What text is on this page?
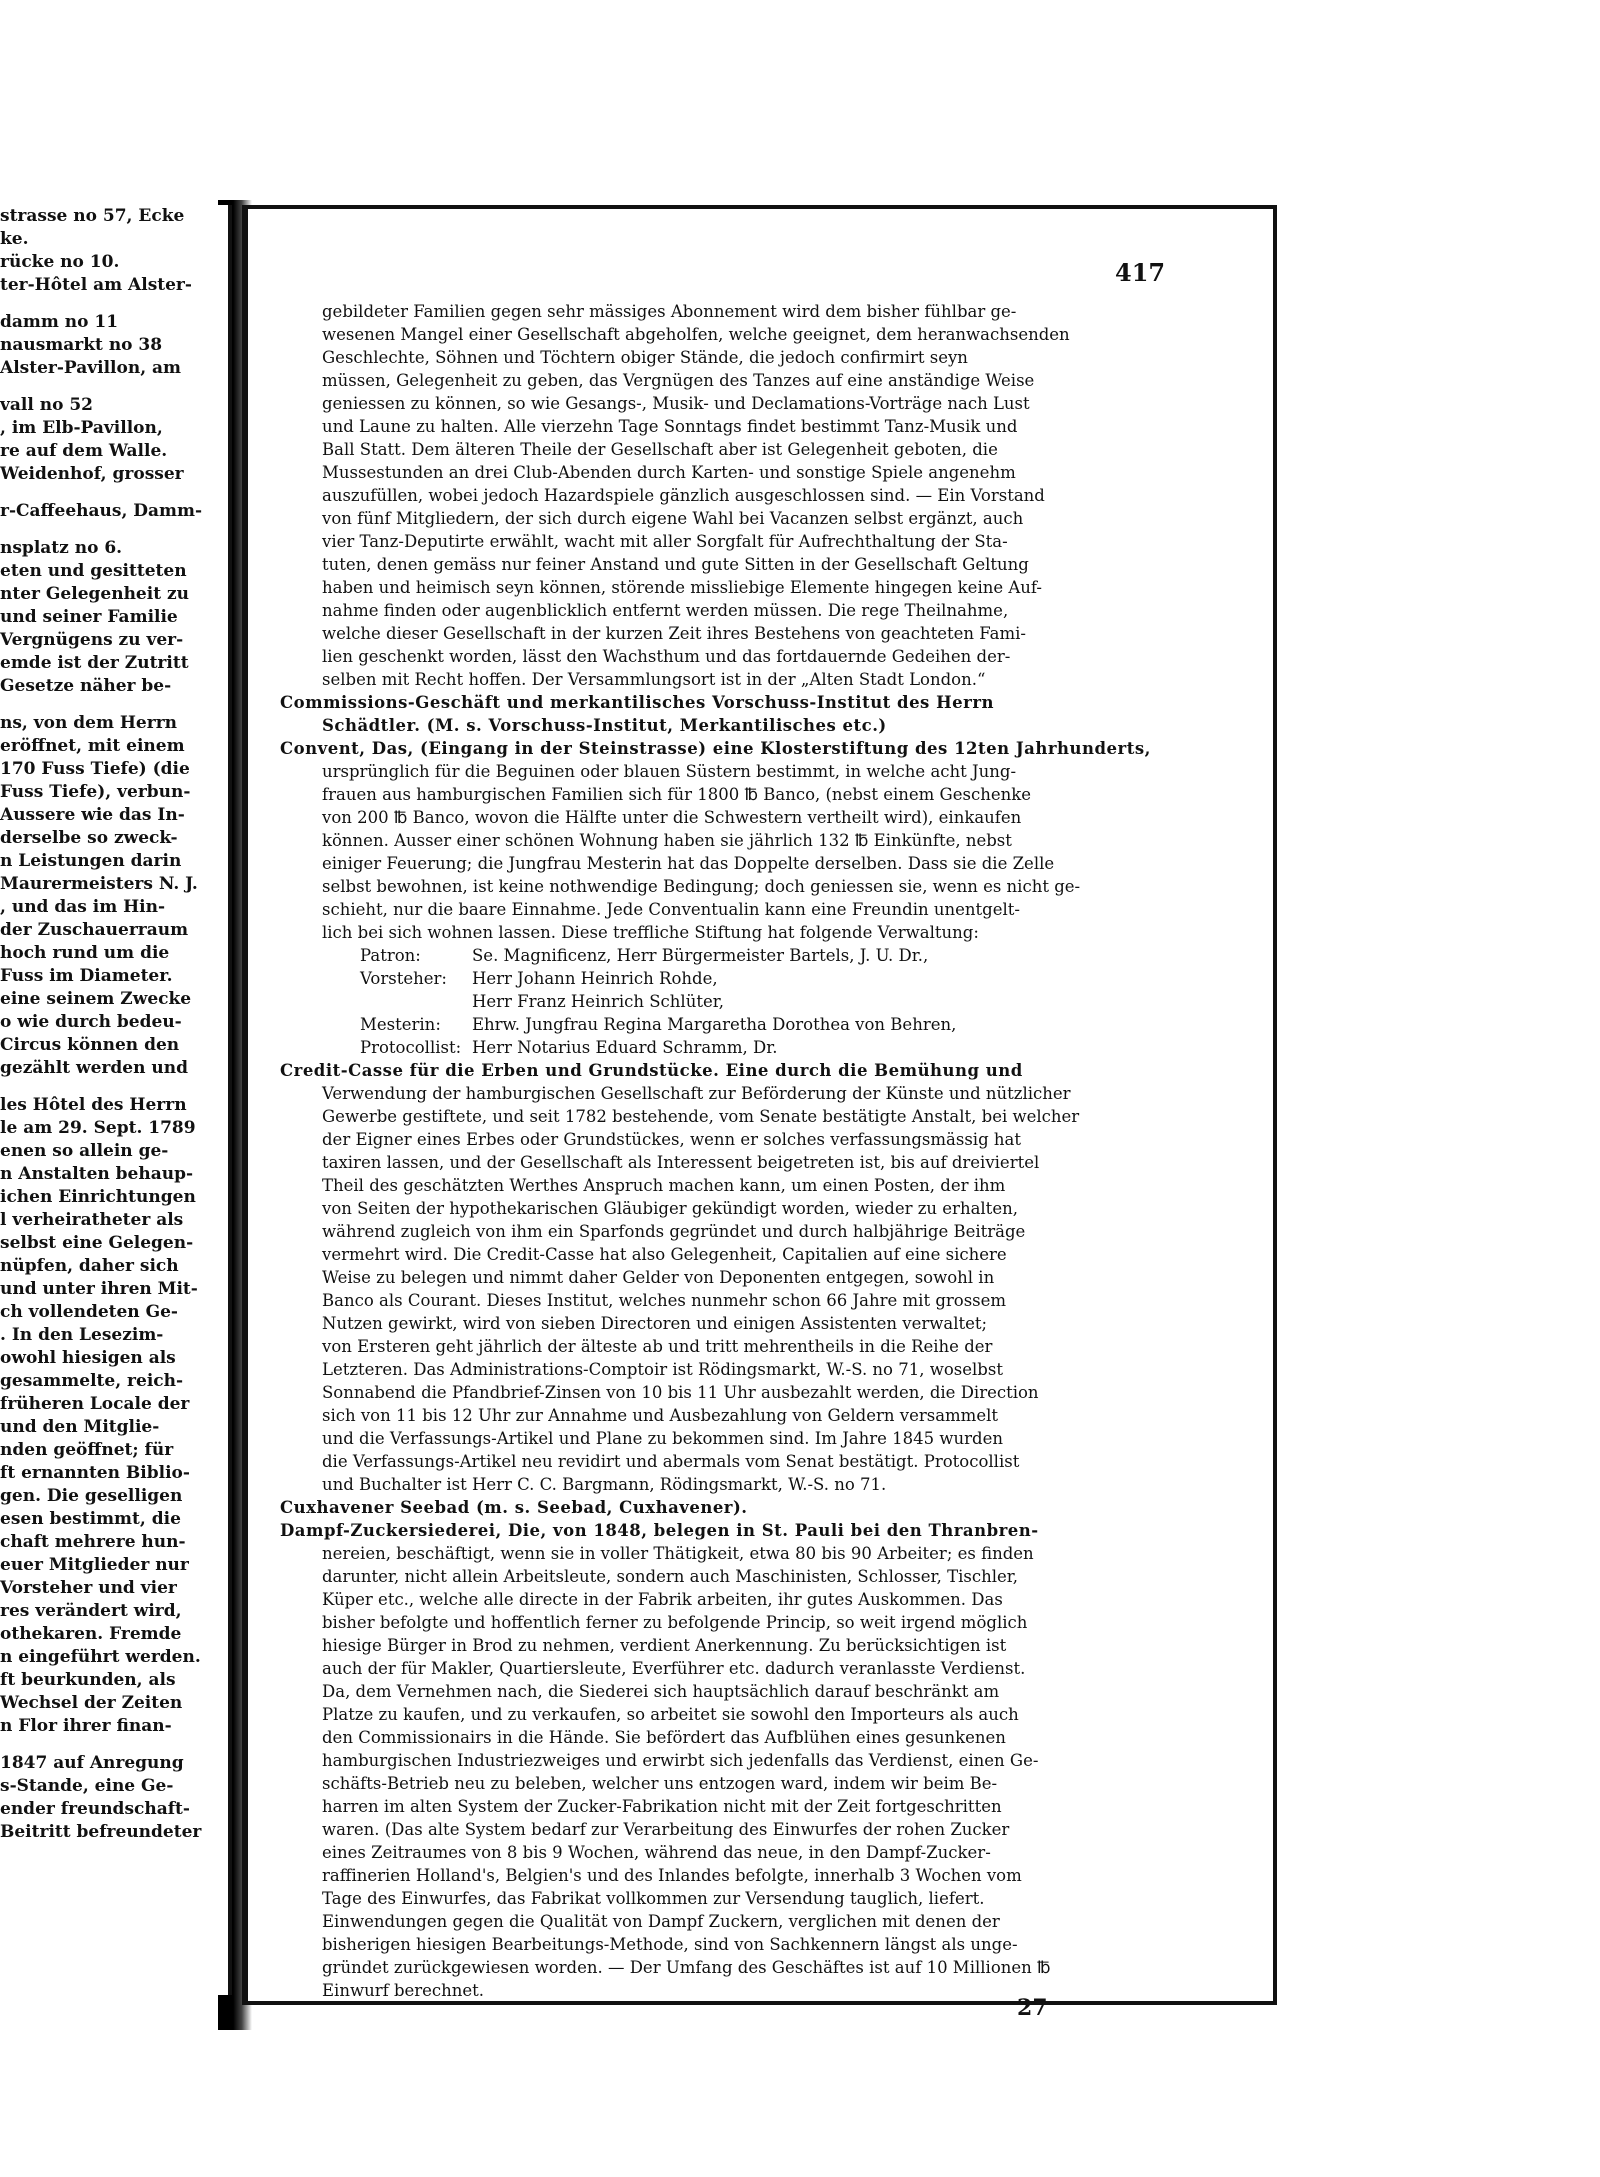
strasse no 57, Ecke
ke.
rücke no 10.
ter-Hôtel am Alster-
damm no 11
nausmarkt no 38
Alster-Pavillon, am
vall no 52
, im Elb-Pavillon,
re auf dem Walle.
Weidenhof, grosser
r-Caffeehaus, Damm-
nsplatz no 6.
eten und gesitteten
nter Gelegenheit zu
und seiner Familie
Vergnügens zu ver-
emde ist der Zutritt
Gesetze näher be-
ns, von dem Herrn
eröffnet, mit einem
170 Fuss Tiefe) (die
Fuss Tiefe), verbun-
Aussere wie das In-
derselbe so zweck-
n Leistungen darin
Maurermeisters N. J.
, und das im Hin-
der Zuschauerraum
hoch rund um die
Fuss im Diameter.
eine seinem Zwecke
o wie durch bedeu-
Circus können den
gezählt werden und
les Hôtel des Herrn
le am 29. Sept. 1789
enen so allein ge-
n Anstalten behaup-
ichen Einrichtungen
l verheiratheter als
selbst eine Gelegen-
nüpfen, daher sich
und unter ihren Mit-
ch vollendeten Ge-
. In den Lesezim-
owohl hiesigen als
gesammelte, reich-
früheren Locale der
und den Mitglie-
nden geöffnet; für
ft ernannten Biblio-
gen. Die geselligen
esen bestimmt, die
chaft mehrere hun-
euer Mitglieder nur
Vorsteher und vier
res verändert wird,
othekaren. Fremde
n eingeführt werden.
ft beurkunden, als
Wechsel der Zeiten
n Flor ihrer finan-
1847 auf Anregung
s-Stande, eine Ge-
ender freundschaft-
Beitritt befreundeter
417
gebildeter Familien gegen sehr mässiges Abonnement wird dem bisher fühlbar ge-
wesenen Mangel einer Gesellschaft abgeholfen, welche geeignet, dem heranwachsenden
Geschlechte, Söhnen und Töchtern obiger Stände, die jedoch confirmirt seyn
müssen, Gelegenheit zu geben, das Vergnügen des Tanzes auf eine anständige Weise
geniessen zu können, so wie Gesangs-, Musik- und Declamations-Vorträge nach Lust
und Laune zu halten. Alle vierzehn Tage Sonntags findet bestimmt Tanz-Musik und
Ball Statt. Dem älteren Theile der Gesellschaft aber ist Gelegenheit geboten, die
Mussestunden an drei Club-Abenden durch Karten- und sonstige Spiele angenehm
auszufüllen, wobei jedoch Hazardspiele gänzlich ausgeschlossen sind. — Ein Vorstand
von fünf Mitgliedern, der sich durch eigene Wahl bei Vacanzen selbst ergänzt, auch
vier Tanz-Deputirte erwählt, wacht mit aller Sorgfalt für Aufrechthaltung der Sta-
tuten, denen gemäss nur feiner Anstand und gute Sitten in der Gesellschaft Geltung
haben und heimisch seyn können, störende missliebige Elemente hingegen keine Auf-
nahme finden oder augenblicklich entfernt werden müssen. Die rege Theilnahme,
welche dieser Gesellschaft in der kurzen Zeit ihres Bestehens von geachteten Fami-
lien geschenkt worden, lässt den Wachsthum und das fortdauernde Gedeihen der-
selben mit Recht hoffen. Der Versammlungsort ist in der „Alten Stadt London.“
Commissions-Geschäft und merkantilisches Vorschuss-Institut des Herrn
Schädtler. (M. s. Vorschuss-Institut, Merkantilisches etc.)
Convent, Das, (Eingang in der Steinstrasse) eine Klosterstiftung des 12ten Jahrhunderts,
ursprünglich für die Beguinen oder blauen Süstern bestimmt, in welche acht Jung-
frauen aus hamburgischen Familien sich für 1800 ℔ Banco, (nebst einem Geschenke
von 200 ℔ Banco, wovon die Hälfte unter die Schwestern vertheilt wird), einkaufen
können. Ausser einer schönen Wohnung haben sie jährlich 132 ℔ Einkünfte, nebst
einiger Feuerung; die Jungfrau Mesterin hat das Doppelte derselben. Dass sie die Zelle
selbst bewohnen, ist keine nothwendige Bedingung; doch geniessen sie, wenn es nicht ge-
schieht, nur die baare Einnahme. Jede Conventualin kann eine Freundin unentgelt-
lich bei sich wohnen lassen. Diese treffliche Stiftung hat folgende Verwaltung:
Patron:	Se. Magnificenz, Herr Bürgermeister Bartels, J. U. Dr.,
Vorsteher:	Herr Johann Heinrich Rohde,
Herr Franz Heinrich Schlüter,
Mesterin:	Ehrw. Jungfrau Regina Margaretha Dorothea von Behren,
Protocollist: Herr Notarius Eduard Schramm, Dr.
Credit-Casse für die Erben und Grundstücke. Eine durch die Bemühung und
Verwendung der hamburgischen Gesellschaft zur Beförderung der Künste und nützlicher
Gewerbe gestiftete, und seit 1782 bestehende, vom Senate bestätigte Anstalt, bei welcher
der Eigner eines Erbes oder Grundstückes, wenn er solches verfassungsmässig hat
taxiren lassen, und der Gesellschaft als Interessent beigetreten ist, bis auf dreiviertel
Theil des geschätzten Werthes Anspruch machen kann, um einen Posten, der ihm
von Seiten der hypothekarischen Gläubiger gekündigt worden, wieder zu erhalten,
während zugleich von ihm ein Sparfonds gegründet und durch halbjährige Beiträge
vermehrt wird. Die Credit-Casse hat also Gelegenheit, Capitalien auf eine sichere
Weise zu belegen und nimmt daher Gelder von Deponenten entgegen, sowohl in
Banco als Courant. Dieses Institut, welches nunmehr schon 66 Jahre mit grossem
Nutzen gewirkt, wird von sieben Directoren und einigen Assistenten verwaltet;
von Ersteren geht jährlich der älteste ab und tritt mehrentheils in die Reihe der
Letzteren. Das Administrations-Comptoir ist Rödingsmarkt, W.-S. no 71, woselbst
Sonnabend die Pfandbrief-Zinsen von 10 bis 11 Uhr ausbezahlt werden, die Direction
sich von 11 bis 12 Uhr zur Annahme und Ausbezahlung von Geldern versammelt
und die Verfassungs-Artikel und Plane zu bekommen sind. Im Jahre 1845 wurden
die Verfassungs-Artikel neu revidirt und abermals vom Senat bestätigt. Protocollist
und Buchalter ist Herr C. C. Bargmann, Rödingsmarkt, W.-S. no 71.
Cuxhavener Seebad (m. s. Seebad, Cuxhavener).
Dampf-Zuckersiederei, Die, von 1848, belegen in St. Pauli bei den Thranbren-
nereien, beschäftigt, wenn sie in voller Thätigkeit, etwa 80 bis 90 Arbeiter; es finden
darunter, nicht allein Arbeitsleute, sondern auch Maschinisten, Schlosser, Tischler,
Küper etc., welche alle directe in der Fabrik arbeiten, ihr gutes Auskommen. Das
bisher befolgte und hoffentlich ferner zu befolgende Princip, so weit irgend möglich
hiesige Bürger in Brod zu nehmen, verdient Anerkennung. Zu berücksichtigen ist
auch der für Makler, Quartiersleute, Everführer etc. dadurch veranlasste Verdienst.
Da, dem Vernehmen nach, die Siederei sich hauptsächlich darauf beschränkt am
Platze zu kaufen, und zu verkaufen, so arbeitet sie sowohl den Importeurs als auch
den Commissionairs in die Hände. Sie befördert das Aufblühen eines gesunkenen
hamburgischen Industriezweiges und erwirbt sich jedenfalls das Verdienst, einen Ge-
schäfts-Betrieb neu zu beleben, welcher uns entzogen ward, indem wir beim Be-
harren im alten System der Zucker-Fabrikation nicht mit der Zeit fortgeschritten
waren. (Das alte System bedarf zur Verarbeitung des Einwurfes der rohen Zucker
eines Zeitraumes von 8 bis 9 Wochen, während das neue, in den Dampf-Zucker-
raffinerien Holland's, Belgien's und des Inlandes befolgte, innerhalb 3 Wochen vom
Tage des Einwurfes, das Fabrikat vollkommen zur Versendung tauglich, liefert.
Einwendungen gegen die Qualität von Dampf Zuckern, verglichen mit denen der
bisherigen hiesigen Bearbeitungs-Methode, sind von Sachkennern längst als unge-
gründet zurückgewiesen worden. — Der Umfang des Geschäftes ist auf 10 Millionen ℔
Einwurf berechnet.
27
